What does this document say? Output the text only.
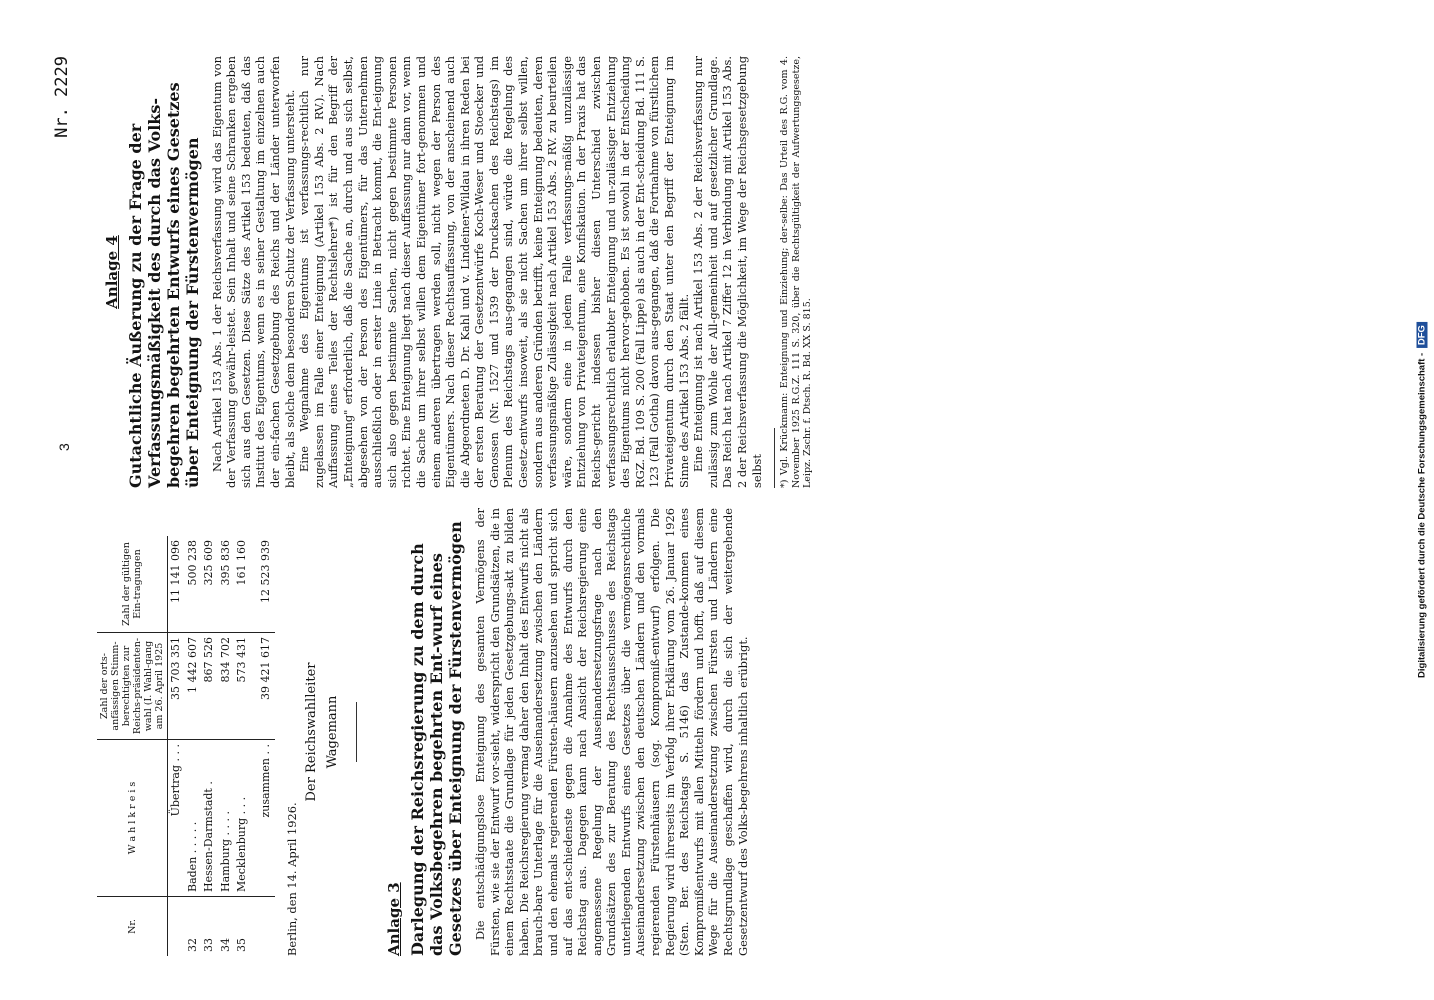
Digitalisierung gefördert durch die Deutsche Forschungsgemeinschaft - DFG
3
Nr. 2229
Nr.	W a h l k r e i s	Zahl der orts-anfässigen Stimm-berechtigten zur Reichs-präsidenten-wahl (I. Wahl-gang am 26. April 1925	Zahl der gültigen Ein-tragungen
	Übertrag . . .	35 703 351	11 141 096
32	Baden . . . . .	1 442 607	500 238
33	Hessen-Darmstadt .	867 526	325 609
34	Hamburg . . . .	834 702	395 836
35	Mecklenburg . . .	573 431	161 160
	zusammen . .	39 421 617	12 523 939
Berlin, den 14. April 1926.
Der Reichswahlleiter Wagemann
Anlage 3 Darlegung der Reichsregierung zu dem durch das Volksbegehren begehrten Ent-wurf eines Gesetzes über Enteignung der Fürstenvermögen Die entschädigungslose Enteignung des gesamten Vermögens der Fürsten, wie sie der Entwurf vor-sieht, widerspricht den Grundsätzen, die in einem Rechtsstaate die Grundlage für jeden Gesetzgebungs-akt zu bilden haben. Die Reichsregierung vermag daher den Inhalt des Entwurfs nicht als brauch-bare Unterlage für die Auseinandersetzung zwischen den Ländern und den ehemals regierenden Fürsten-häusern anzusehen und spricht sich auf das ent-schiedenste gegen die Annahme des Entwurfs durch den Reichstag aus. Dagegen kann nach Ansicht der Reichsregierung eine angemessene Regelung der Auseinandersetzungsfrage nach den Grundsätzen des zur Beratung des Rechtsausschusses des Reichstags unterliegenden Entwurfs eines Gesetzes über die vermögensrechtliche Auseinandersetzung zwischen den deutschen Ländern und den vormals regierenden Fürstenhäusern (sog. Kompromiß-entwurf) erfolgen. Die Regierung wird ihrerseits im Verfolg ihrer Erklärung vom 26. Januar 1926 (Sten. Ber. des Reichstags S. 5146) das Zustande-kommen eines Kompromißentwurfs mit allen Mitteln fördern und hofft, daß auf diesem Wege für die Auseinandersetzung zwischen Fürsten und Ländern eine Rechtsgrundlage geschaffen wird, durch die sich der weitergehende Gesetzentwurf des Volks-begehrens inhaltlich erübrigt.

Anlage 4 Gutachtliche Äußerung zu der Frage der Verfassungsmäßigkeit des durch das Volks-begehren begehrten Entwurfs eines Gesetzes über Enteignung der Fürstenvermögen Nach Artikel 153 Abs. 1 der Reichsverfassung wird das Eigentum von der Verfassung gewähr-leistet. Sein Inhalt und seine Schranken ergeben sich aus den Gesetzen. Diese Sätze des Artikel 153 bedeuten, daß das Institut des Eigentums, wenn es in seiner Gestaltung im einzelnen auch der ein-fachen Gesetzgebung des Reichs und der Länder unterworfen bleibt, als solche dem besonderen Schutz der Verfassung untersteht. Eine Wegnahme des Eigentums ist verfassungs-rechtlich nur zugelassen im Falle einer Enteignung (Artikel 153 Abs. 2 RV.). Nach Auffassung eines Teiles der Rechtslehrer*) ist für den Begriff der „Enteignung" erforderlich, daß die Sache an, durch und aus sich selbst, abgesehen von der Person des Eigentümers, für das Unternehmen ausschließlich oder in erster Linie in Betracht kommt, die Ent-eignung sich also gegen bestimmte Sachen, nicht gegen bestimmte Personen richtet. Eine Enteignung liegt nach dieser Auffassung nur dann vor, wenn die Sache um ihrer selbst willen dem Eigentümer fort-genommen und einem anderen übertragen werden soll, nicht wegen der Person des Eigentümers. Nach dieser Rechtsauffassung, von der anscheinend auch die Abgeordneten D. Dr. Kahl und v. Lindeiner-Wildau in ihren Reden bei der ersten Beratung der Gesetzentwürfe Koch-Weser und Stoecker und Genossen (Nr. 1527 und 1539 der Drucksachen des Reichstags) im Plenum des Reichstags aus-gegangen sind, würde die Regelung des Gesetz-entwurfs insoweit, als sie nicht Sachen um ihrer selbst willen, sondern aus anderen Gründen betrifft, keine Enteignung bedeuten, deren verfassungsmäßige Zulässigkeit nach Artikel 153 Abs. 2 RV. zu beurteilen wäre, sondern eine in jedem Falle verfassungs-mäßig unzulässige Entziehung von Privateigentum, eine Konfiskation. In der Praxis hat das Reichs-gericht indessen bisher diesen Unterschied zwischen verfassungsrechtlich erlaubter Enteignung und un-zulässiger Entziehung des Eigentums nicht hervor-gehoben. Es ist sowohl in der Entscheidung RGZ. Bd. 109 S. 200 (Fall Lippe) als auch in der Ent-scheidung Bd. 111 S. 123 (Fall Gotha) davon aus-gegangen, daß die Fortnahme von fürstlichem Privateigentum durch den Staat unter den Begriff der Enteignung im Sinne des Artikel 153 Abs. 2 fällt. Eine Enteignung ist nach Artikel 153 Abs. 2 der Reichsverfassung nur zulässig zum Wohle der All-gemeinheit und auf gesetzlicher Grundlage. Das Reich hat nach Artikel 7 Ziffer 12 in Verbindung mit Artikel 153 Abs. 2 der Reichsverfassung die Möglichkeit, im Wege der Reichsgesetzgebung selbst *) Vgl. Krückmann: Enteignung und Einziehung; der-selbe: Das Urteil des R.G. vom 4. November 1925 R.G.Z. 111 S. 320, über die Rechtsgültigkeit der Aufwertungsgesetze, Leipz. Zschr. f. Dtsch. R. Bd. XX S. 815.
